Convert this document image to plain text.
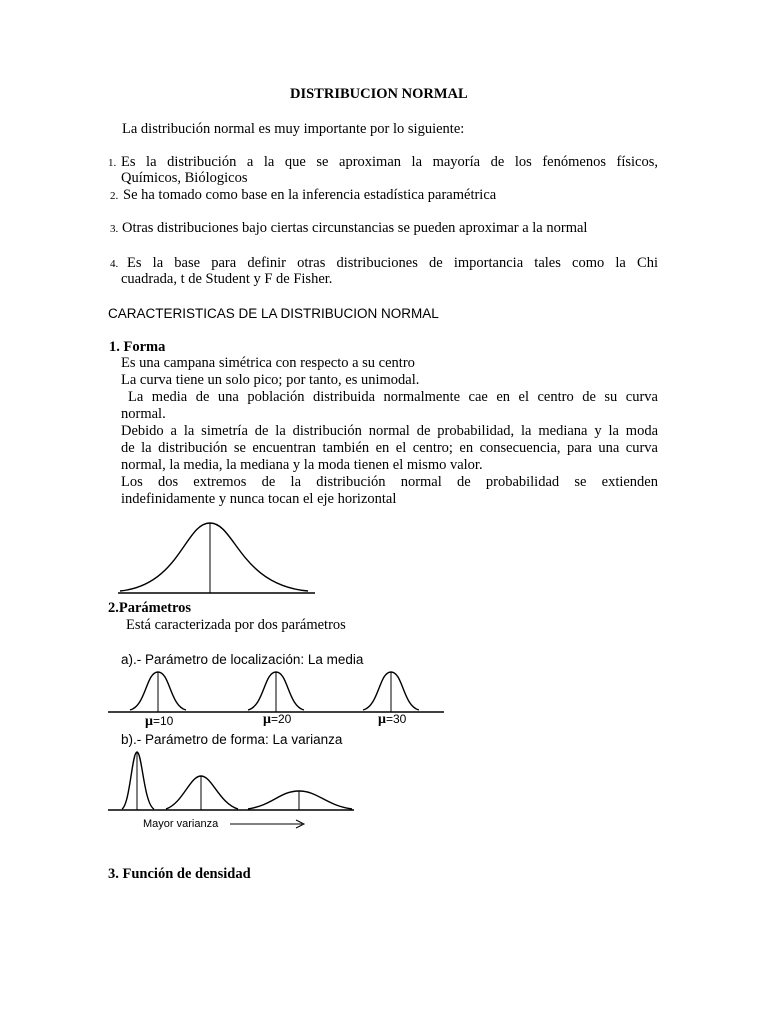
DISTRIBUCION NORMAL
La distribución normal es muy importante por lo siguiente:
1. Es la distribución a la que se aproximan la mayoría de los fenómenos físicos,
Químicos, Biólogicos
2. Se ha tomado como base en la inferencia estadística paramétrica
3. Otras distribuciones bajo ciertas circunstancias se pueden aproximar a la normal
4. Es la base para definir otras distribuciones de importancia tales como la Chi
cuadrada, t de Student y F de Fisher.
CARACTERISTICAS DE LA DISTRIBUCION NORMAL
1. Forma
Es una campana simétrica con respecto a su centro
La curva tiene un solo pico; por tanto, es unimodal.
La media de una población distribuida normalmente cae en el centro de su curva
normal.
Debido a la simetría de la distribución normal de probabilidad, la mediana y la moda
de la distribución se encuentran también en el centro; en consecuencia, para una curva
normal, la media, la mediana y la moda tienen el mismo valor.
Los dos extremos de la distribución normal de probabilidad se extienden
indefinidamente y nunca tocan el eje horizontal
2.Parámetros
Está caracterizada por dos parámetros
a).- Parámetro de localización: La media
μ=10	μ=20	μ=30
b).- Parámetro de forma: La varianza
Mayor varianza
3. Función de densidad
